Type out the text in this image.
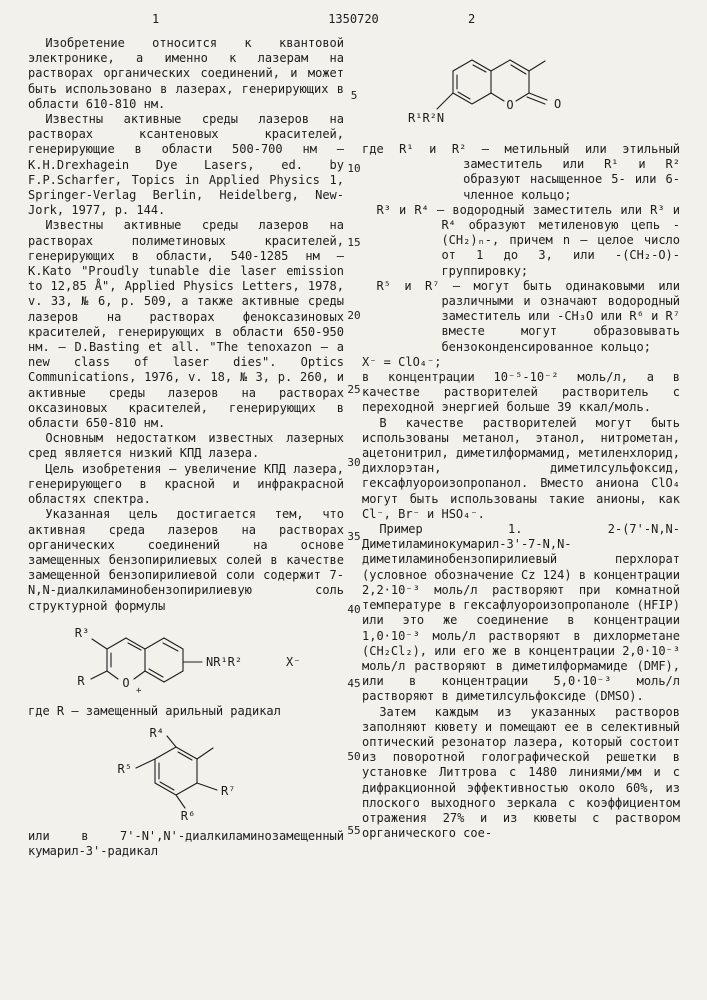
1	1350720	2
5
10
15
20
25
30
35
40
45
50
55

Изобретение относится к квантовой электронике, а именно к лазерам на растворах органических соединений, и может быть использовано в лазерах, генерирующих в области 610-810 нм.

Известны активные среды лазеров на растворах ксантеновых красителей, генерирующие в области 500-700 нм — K.H.Drexhagein Dye Lasers, ed. by F.P.Scharfer, Topics in Applied Physics 1, Springer-Verlag Berlin, Heidelberg, New-Jork, 1977, p. 144.

Известны активные среды лазеров на растворах полиметиновых красителей, генерирующих в области, 540-1285 нм — K.Kato "Proudly tunable die laser emission to 12,85 Å", Applied Physics Letters, 1978, v. 33, № 6, p. 509, а также активные среды лазеров на растворах феноксазиновых красителей, генерирующих в области 650-950 нм. — D.Basting et all. "The tenoxazon — a new class of laser dies". Optics Communications, 1976, v. 18, № 3, p. 260, и активные среды лазеров на растворах оксазиновых красителей, генерирующих в области 650-810 нм.

Основным недостатком известных лазерных сред является низкий КПД лазера.

Цель изобретения — увеличение КПД лазера, генерирующего в красной и инфракрасной областях спектра.

Указанная цель достигается тем, что активная среда лазеров на растворах органических соединений на основе замещенных бензопирилиевых солей в качестве замещенной бензопирилиевой соли содержит 7-N,N-диалкиламинобензопирилиевую соль структурной формулы

R³
R	O
+
NR¹R²	X⁻

где R — замещенный арильный радикал

R⁴
R⁵
R⁶
R⁷

или в 7'-N',N'-диалкиламинозамещенный кумарил-3'-радикал

O	O
R¹R²N

где R¹ и R² — метильный или этильный заместитель или R¹ и R² образуют насыщенное 5- или 6-членное кольцо;

R³ и R⁴ — водородный заместитель или R³ и R⁴ образуют метиленовую цепь -(CH₂)ₙ-, причем n — целое число от 1 до 3, или -(CH₂-O)- группировку;

R⁵ и R⁷ — могут быть одинаковыми или различными и означают водородный заместитель или -CH₃O или R⁶ и R⁷ вместе могут образовывать бензоконденсированное кольцо;

X⁻ = ClO₄⁻;

в концентрации 10⁻⁵-10⁻² моль/л, а в качестве растворителей растворитель с переходной энергией больше 39 ккал/моль.

В качестве растворителей могут быть использованы метанол, этанол, нитрометан, ацетонитрил, диметилформамид, метиленхлорид, дихлорэтан, диметилсульфоксид, гексафлуороизопропанол. Вместо аниона ClO₄ могут быть использованы такие анионы, как Cl⁻, Br⁻ и HSO₄⁻.

Пример 1. 2-(7'-N,N-Диметиламинокумарил-3'-7-N,N-диметиламинобензопирилиевый перхлорат (условное обозначение Cz 124) в концентрации 2,2·10⁻³ моль/л растворяют при комнатной температуре в гексафлуороизопропаноле (HFIP) или это же соединение в концентрации 1,0·10⁻³ моль/л растворяют в дихлорметане (CH₂Cl₂), или его же в концентрации 2,0·10⁻³ моль/л растворяют в диметилформамиде (DMF), или в концентрации 5,0·10⁻³ моль/л растворяют в диметилсульфоксиде (DMSO).

Затем каждым из указанных растворов заполняют кювету и помещают ее в селективный оптический резонатор лазера, который состоит из поворотной голографической решетки в установке Литтрова с 1480 линиями/мм и с дифракционной эффективностью около 60%, из плоского выходного зеркала с коэффициентом отражения 27% и из кюветы с раствором органического сое-
